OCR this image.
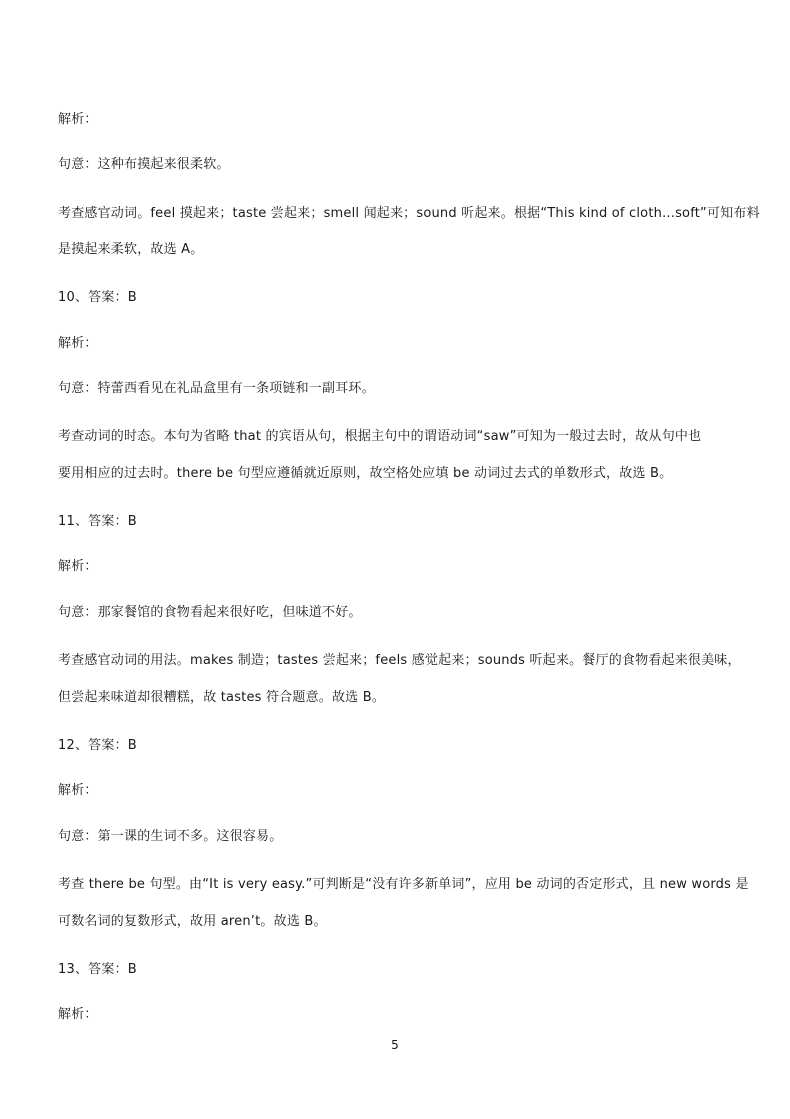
解析：
句意：这种布摸起来很柔软。
考查感官动词。feel 摸起来；taste 尝起来；smell 闻起来；sound 听起来。根据“This kind of cloth...soft”可知布料
是摸起来柔软，故选 A。
10、答案：B
解析：
句意：特蕾西看见在礼品盒里有一条项链和一副耳环。
考查动词的时态。本句为省略 that 的宾语从句，根据主句中的谓语动词“saw”可知为一般过去时，故从句中也
要用相应的过去时。there be 句型应遵循就近原则，故空格处应填 be 动词过去式的单数形式，故选 B。
11、答案：B
解析：
句意：那家餐馆的食物看起来很好吃，但味道不好。
考查感官动词的用法。makes 制造；tastes 尝起来；feels 感觉起来；sounds 听起来。餐厅的食物看起来很美味，
但尝起来味道却很糟糕，故 tastes 符合题意。故选 B。
12、答案：B
解析：
句意：第一课的生词不多。这很容易。
考查 there be 句型。由“It is very easy.”可判断是“没有许多新单词”，应用 be 动词的否定形式，且 new words 是
可数名词的复数形式，故用 aren’t。故选 B。
13、答案：B
解析：
5
